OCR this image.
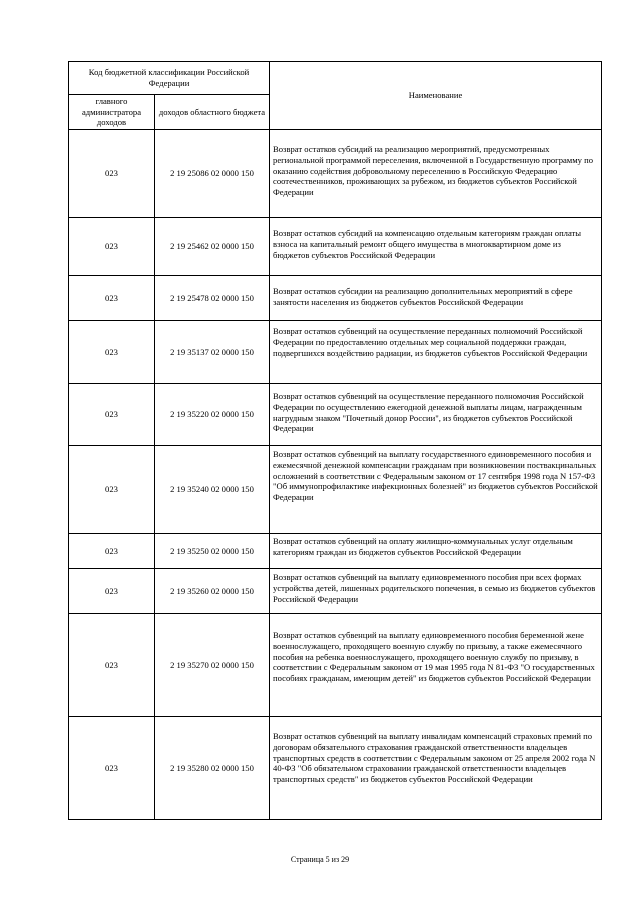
Код бюджетной классификации Российской Федерации		Наименование
главного администратора доходов	доходов областного бюджета	
023	2 19 25086 02 0000 150	Возврат остатков субсидий на реализацию мероприятий, предусмотренных региональной программой переселения, включенной в Государственную программу по оказанию содействия добровольному переселению в Российскую Федерацию соотечественников, проживающих за рубежом, из бюджетов субъектов Российской Федерации
023	2 19 25462 02 0000 150	Возврат остатков субсидий на компенсацию отдельным категориям граждан оплаты взноса на капитальный ремонт общего имущества в многоквартирном доме из бюджетов субъектов Российской Федерации
023	2 19 25478 02 0000 150	Возврат остатков субсидии на реализацию дополнительных мероприятий в сфере занятости населения из бюджетов субъектов Российской Федерации
023	2 19 35137 02 0000 150	Возврат остатков субвенций на осуществление переданных полномочий Российской Федерации по предоставлению отдельных мер социальной поддержки граждан, подвергшихся воздействию радиации, из бюджетов субъектов Российской Федерации
023	2 19 35220 02 0000 150	Возврат остатков субвенций на осуществление переданного полномочия Российской Федерации по осуществлению ежегодной денежной выплаты лицам, награжденным нагрудным знаком "Почетный донор России", из бюджетов субъектов Российской Федерации
023	2 19 35240 02 0000 150	Возврат остатков субвенций на выплату государственного единовременного пособия и ежемесячной денежной компенсации гражданам при возникновении поствакцинальных осложнений в соответствии с Федеральным законом от 17 сентября 1998 года N 157-ФЗ "Об иммунопрофилактике инфекционных болезней" из бюджетов субъектов Российской Федерации
023	2 19 35250 02 0000 150	Возврат остатков субвенций на оплату жилищно-коммунальных услуг отдельным категориям граждан из бюджетов субъектов Российской Федерации
023	2 19 35260 02 0000 150	Возврат остатков субвенций на выплату единовременного пособия при всех формах устройства детей, лишенных родительского попечения, в семью из бюджетов субъектов Российской Федерации
023	2 19 35270 02 0000 150	Возврат остатков субвенций на выплату единовременного пособия беременной жене военнослужащего, проходящего военную службу по призыву, а также ежемесячного пособия на ребенка военнослужащего, проходящего военную службу по призыву, в соответствии с Федеральным законом от 19 мая 1995 года N 81-ФЗ "О государственных пособиях гражданам, имеющим детей" из бюджетов субъектов Российской Федерации
023	2 19 35280 02 0000 150	Возврат остатков субвенций на выплату инвалидам компенсаций страховых премий по договорам обязательного страхования гражданской ответственности владельцев транспортных средств в соответствии с Федеральным законом от 25 апреля 2002 года N 40-ФЗ "Об обязательном страховании гражданской ответственности владельцев транспортных средств" из бюджетов субъектов Российской Федерации
Страница 5 из 29
